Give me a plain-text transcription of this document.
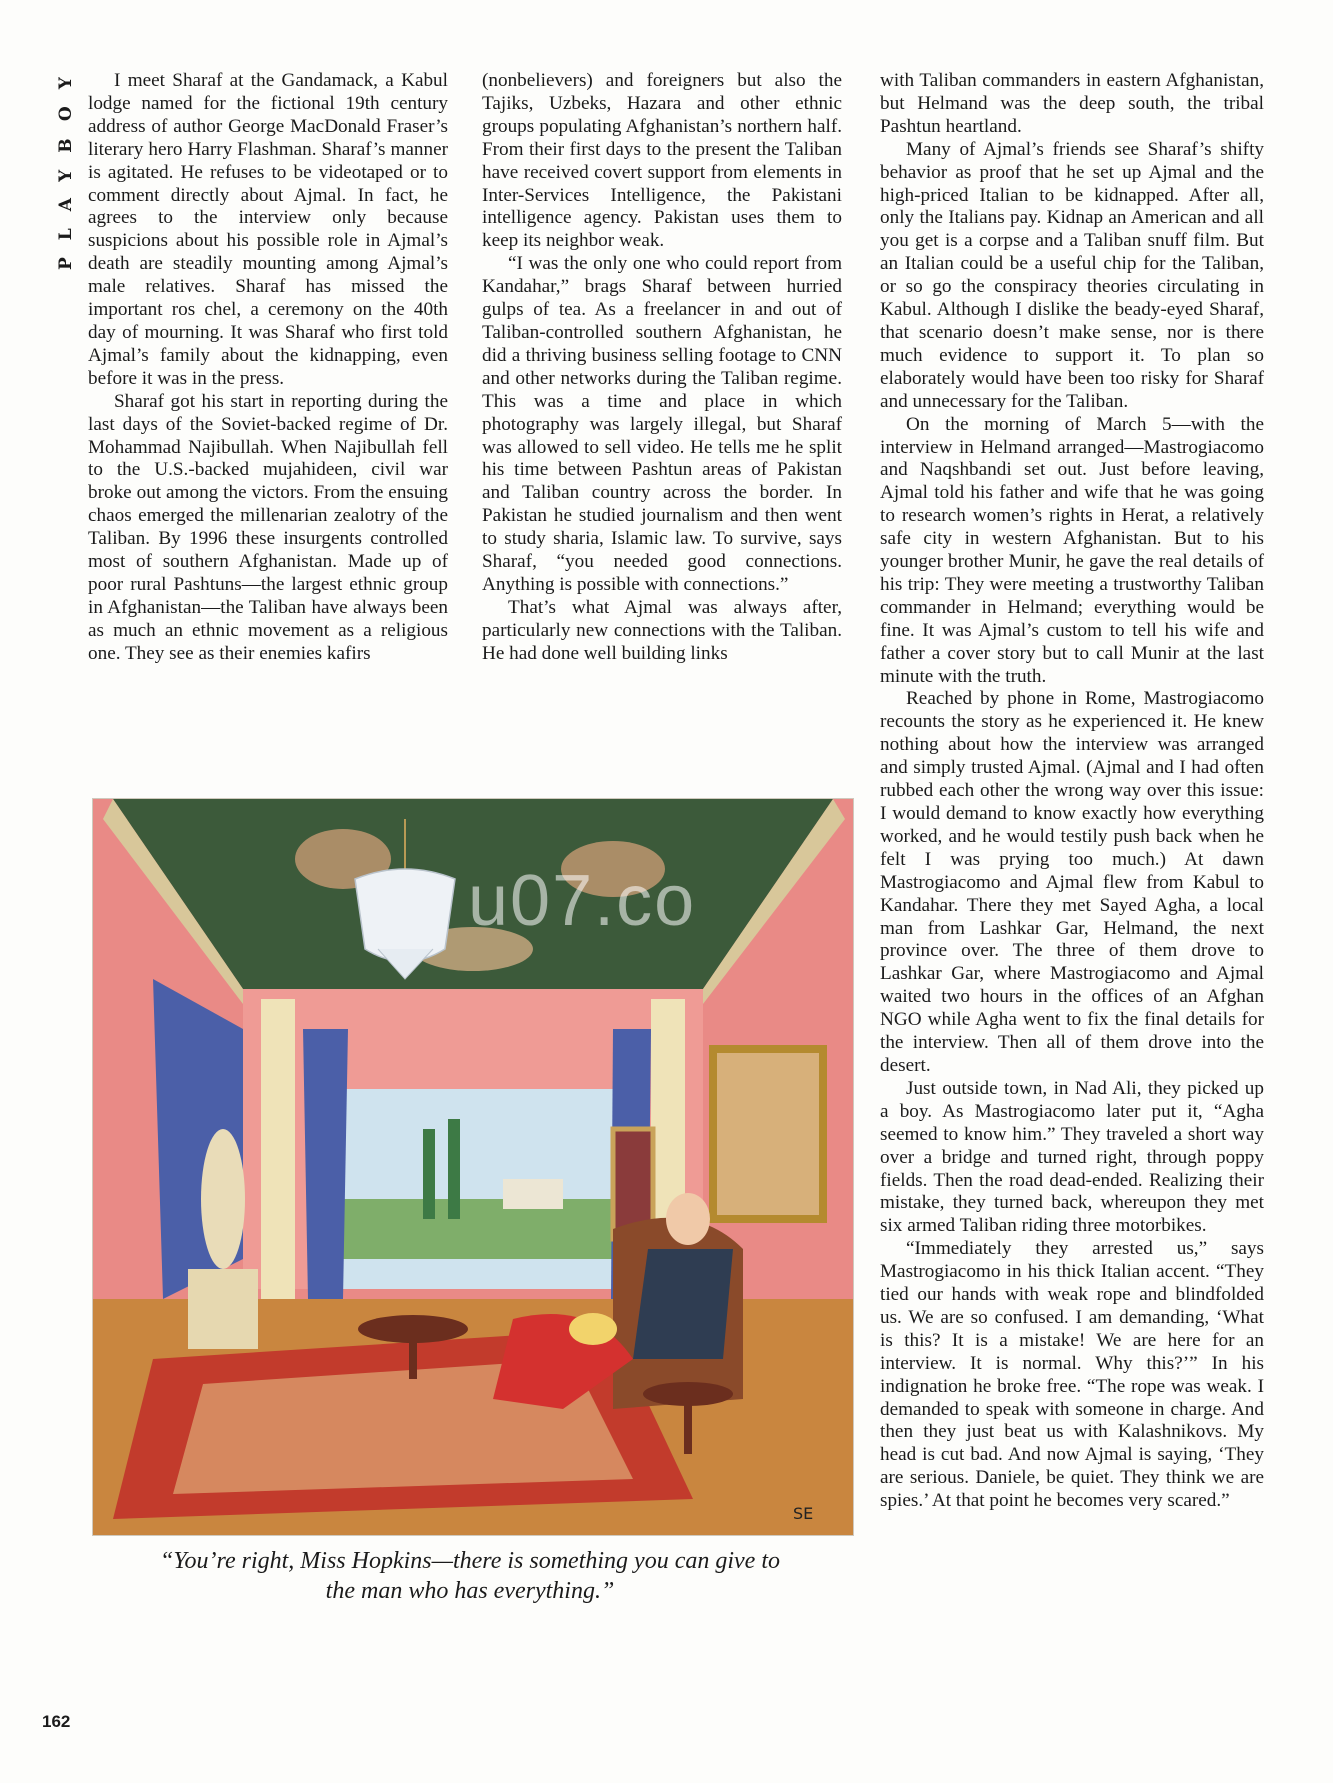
PLAYBOY	I meet Sharaf at the Gandamack, a Kabul lodge named for the fictional 19th century address of author George MacDonald Fraser’s literary hero Harry Flashman. Sharaf’s manner is agitated. He refuses to be videotaped or to comment directly about Ajmal. In fact, he agrees to the interview only because suspicions about his possible role in Ajmal’s death are steadily mounting among Ajmal’s male relatives. Sharaf has missed the important ros chel, a ceremony on the 40th day of mourning. It was Sharaf who first told Ajmal’s family about the kidnapping, even before it was in the press.

Sharaf got his start in reporting during the last days of the Soviet-backed regime of Dr. Mohammad Najibullah. When Najibullah fell to the U.S.-backed mujahideen, civil war broke out among the victors. From the ensuing chaos emerged the millenarian zealotry of the Taliban. By 1996 these insurgents controlled most of southern Afghanistan. Made up of poor rural Pashtuns—the largest ethnic group in Afghanistan—the Taliban have always been as much an ethnic movement as a religious one. They see as their enemies kafirs

(nonbelievers) and foreigners but also the Tajiks, Uzbeks, Hazara and other ethnic groups populating Afghanistan’s northern half. From their first days to the present the Taliban have received covert support from elements in Inter-Services Intelligence, the Pakistani intelligence agency. Pakistan uses them to keep its neighbor weak.

“I was the only one who could report from Kandahar,” brags Sharaf between hurried gulps of tea. As a freelancer in and out of Taliban-controlled southern Afghanistan, he did a thriving business selling footage to CNN and other networks during the Taliban regime. This was a time and place in which photography was largely illegal, but Sharaf was allowed to sell video. He tells me he split his time between Pashtun areas of Pakistan and Taliban country across the border. In Pakistan he studied journalism and then went to study sharia, Islamic law. To survive, says Sharaf, “you needed good connections. Anything is possible with connections.”

That’s what Ajmal was always after, particularly new connections with the Taliban. He had done well building links

with Taliban commanders in eastern Afghanistan, but Helmand was the deep south, the tribal Pashtun heartland.

Many of Ajmal’s friends see Sharaf’s shifty behavior as proof that he set up Ajmal and the high-priced Italian to be kidnapped. After all, only the Italians pay. Kidnap an American and all you get is a corpse and a Taliban snuff film. But an Italian could be a useful chip for the Taliban, or so go the conspiracy theories circulating in Kabul. Although I dislike the beady-eyed Sharaf, that scenario doesn’t make sense, nor is there much evidence to support it. To plan so elaborately would have been too risky for Sharaf and unnecessary for the Taliban.

On the morning of March 5—with the interview in Helmand arranged—Mastrogiacomo and Naqshbandi set out. Just before leaving, Ajmal told his father and wife that he was going to research women’s rights in Herat, a relatively safe city in western Afghanistan. But to his younger brother Munir, he gave the real details of his trip: They were meeting a trustworthy Taliban commander in Helmand; everything would be fine. It was Ajmal’s custom to tell his wife and father a cover story but to call Munir at the last minute with the truth.

Reached by phone in Rome, Mastrogiacomo recounts the story as he experienced it. He knew nothing about how the interview was arranged and simply trusted Ajmal. (Ajmal and I had often rubbed each other the wrong way over this issue: I would demand to know exactly how everything worked, and he would testily push back when he felt I was prying too much.) At dawn Mastrogiacomo and Ajmal flew from Kabul to Kandahar. There they met Sayed Agha, a local man from Lashkar Gar, Helmand, the next province over. The three of them drove to Lashkar Gar, where Mastrogiacomo and Ajmal waited two hours in the offices of an Afghan NGO while Agha went to fix the final details for the interview. Then all of them drove into the desert.

Just outside town, in Nad Ali, they picked up a boy. As Mastrogiacomo later put it, “Agha seemed to know him.” They traveled a short way over a bridge and turned right, through poppy fields. Then the road dead-ended. Realizing their mistake, they turned back, whereupon they met six armed Taliban riding three motorbikes.

“Immediately they arrested us,” says Mastrogiacomo in his thick Italian accent. “They tied our hands with weak rope and blindfolded us. We are so confused. I am demanding, ‘What is this? It is a mistake! We are here for an interview. It is normal. Why this?’” In his indignation he broke free. “The rope was weak. I demanded to speak with someone in charge. And then they just beat us with Kalashnikovs. My head is cut bad. And now Ajmal is saying, ‘They are serious. Daniele, be quiet. They think we are spies.’ At that point he becomes very scared.”

SE
u07.co
“You’re right, Miss Hopkins—there is something you can give to
the man who has everything.”
162
